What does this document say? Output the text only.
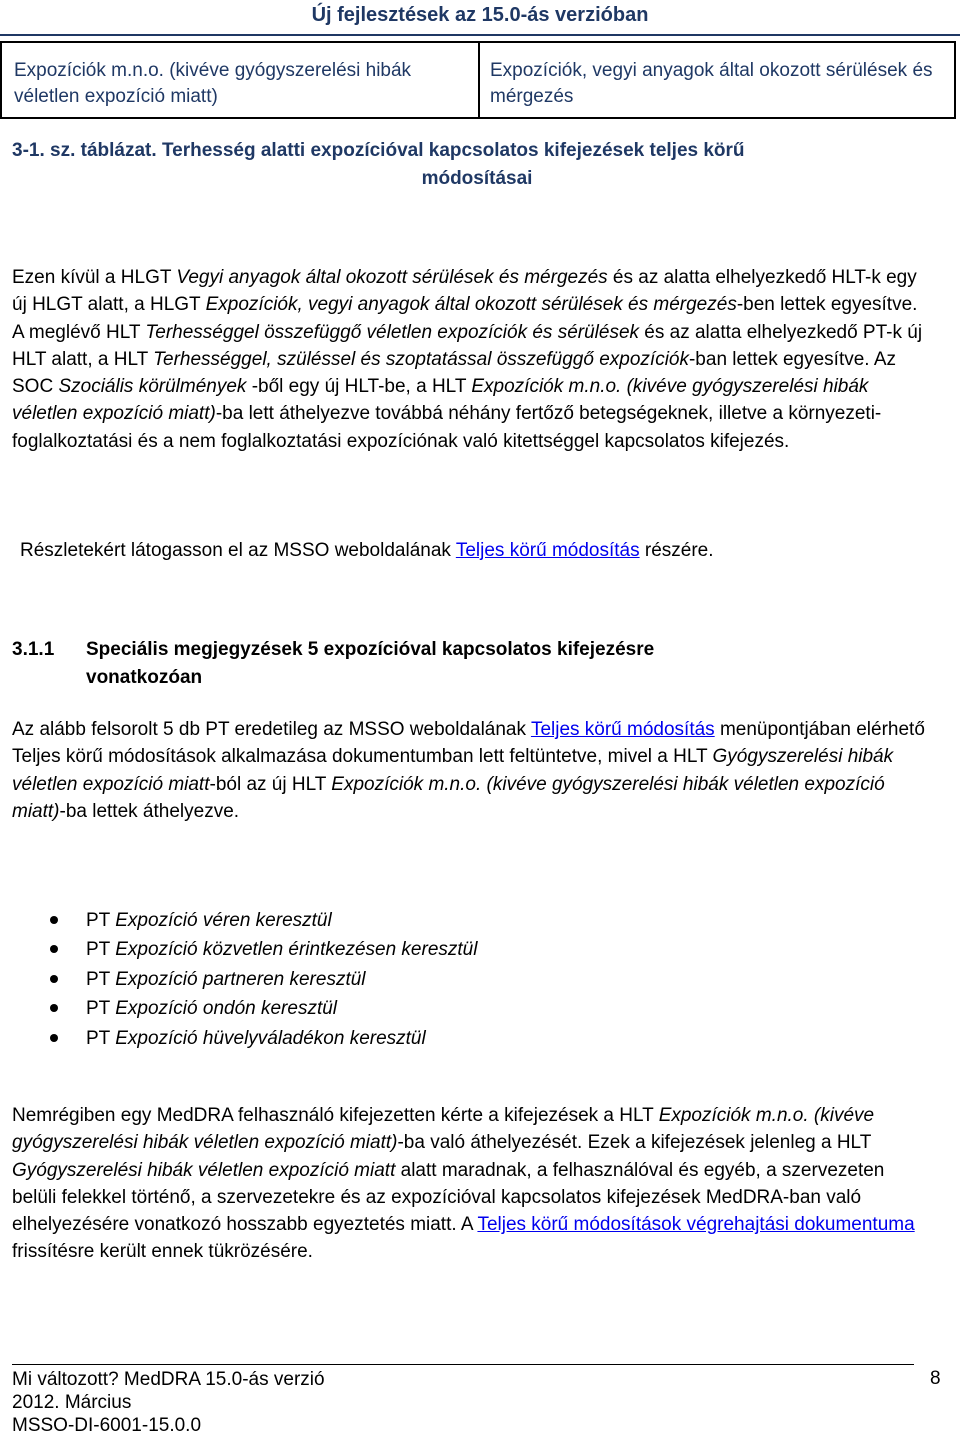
Új fejlesztések az 15.0-ás verzióban
Expozíciók m.n.o. (kivéve gyógyszerelési hibák véletlen expozíció miatt)
Expozíciók, vegyi anyagok által okozott sérülések és mérgezés
3-1. sz. táblázat. Terhesség alatti expozícióval kapcsolatos kifejezések teljes körű
módosításai
Ezen kívül a HLGT Vegyi anyagok által okozott sérülések és mérgezés és az alatta elhelyezkedő HLT-k egy új HLGT alatt, a HLGT Expozíciók, vegyi anyagok által okozott sérülések és mérgezés-ben lettek egyesítve. A meglévő HLT Terhességgel összefüggő véletlen expozíciók és sérülések és az alatta elhelyezkedő PT-k új HLT alatt, a HLT Terhességgel, szüléssel és szoptatással összefüggő expozíciók-ban lettek egyesítve. Az SOC Szociális körülmények -ből egy új HLT-be, a HLT Expozíciók m.n.o. (kivéve gyógyszerelési hibák véletlen expozíció miatt)-ba lett áthelyezve továbbá néhány fertőző betegségeknek, illetve a környezeti-foglalkoztatási és a nem foglalkoztatási expozíciónak való kitettséggel kapcsolatos kifejezés.
Részletekért látogasson el az MSSO weboldalának Teljes körű módosítás részére.
3.1.1 Speciális megjegyzések 5 expozícióval kapcsolatos kifejezésre
vonatkozóan
Az alább felsorolt 5 db PT eredetileg az MSSO weboldalának Teljes körű módosítás menüpontjában elérhető Teljes körű módosítások alkalmazása dokumentumban lett feltüntetve, mivel a HLT Gyógyszerelési hibák véletlen expozíció miatt-ból az új HLT Expozíciók m.n.o. (kivéve gyógyszerelési hibák véletlen expozíció miatt)-ba lettek áthelyezve.
PT Expozíció véren keresztül
PT Expozíció közvetlen érintkezésen keresztül
PT Expozíció partneren keresztül
PT Expozíció ondón keresztül
PT Expozíció hüvelyváladékon keresztül
Nemrégiben egy MedDRA felhasználó kifejezetten kérte a kifejezések a HLT Expozíciók m.n.o. (kivéve gyógyszerelési hibák véletlen expozíció miatt)-ba való áthelyezését. Ezek a kifejezések jelenleg a HLT Gyógyszerelési hibák véletlen expozíció miatt alatt maradnak, a felhasználóval és egyéb, a szervezeten belüli felekkel történő, a szervezetekre és az expozícióval kapcsolatos kifejezések MedDRA-ban való elhelyezésére vonatkozó hosszabb egyeztetés miatt. A Teljes körű módosítások végrehajtási dokumentuma frissítésre került ennek tükrözésére.
Mi változott? MedDRA 15.0-ás verzió
2012. Március
MSSO-DI-6001-15.0.0
8
